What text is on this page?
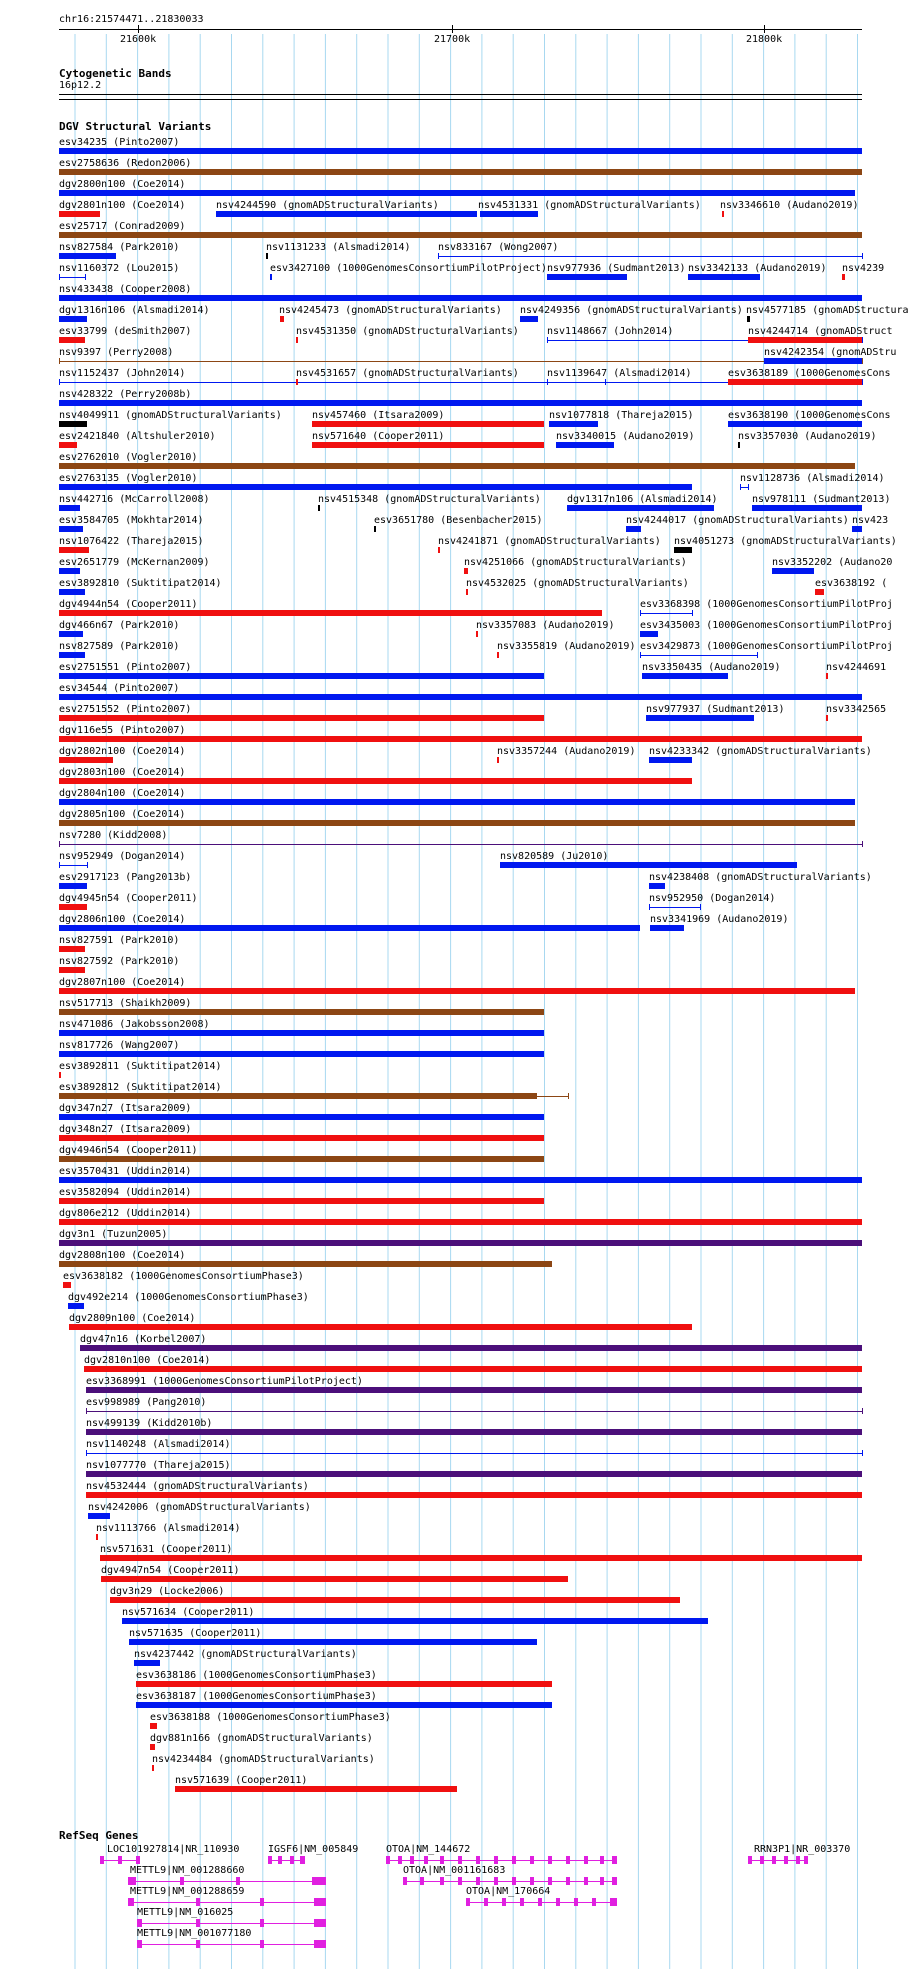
chr16:21574471..21830033
21600k	21700k	21800k
Cytogenetic Bands
16p12.2
DGV Structural Variants
esv34235 (Pinto2007)
esv2758636 (Redon2006)
dgv2800n100 (Coe2014)
dgv2801n100 (Coe2014)	nsv4244590 (gnomADStructuralVariants)	nsv4531331 (gnomADStructuralVariants) nsv3346610 (Audano2019)
esv25717 (Conrad2009)
nsv827584 (Park2010)	nsv1131233 (Alsmadi2014)	nsv833167 (Wong2007)
nsv1160372 (Lou2015)	esv3427100 (1000GenomesConsortiumPilotProject) nsv977936 (Sudmant2013) nsv3342133 (Audano2019) nsv4239
nsv433438 (Cooper2008)
dgv1316n106 (Alsmadi2014)	nsv4245473 (gnomADStructuralVariants) nsv4249356 (gnomADStructuralVariants) nsv4577185 (gnomADStructura
esv33799 (deSmith2007)	nsv4531350 (gnomADStructuralVariants)	nsv1148667 (John2014)	nsv4244714 (gnomADStruct
nsv9397 (Perry2008)	nsv4242354 (gnomADStru
nsv1152437 (John2014)	nsv4531657 (gnomADStructuralVariants)	nsv1139647 (Alsmadi2014)	esv3638189 (1000GenomesCons
nsv428322 (Perry2008b)
nsv4049911 (gnomADStructuralVariants)	nsv457460 (Itsara2009)	nsv1077818 (Thareja2015)	esv3638190 (1000GenomesCons
esv2421840 (Altshuler2010)	nsv571640 (Cooper2011)	nsv3340015 (Audano2019)	nsv3357030 (Audano2019)
esv2762010 (Vogler2010)
esv2763135 (Vogler2010)	nsv1128736 (Alsmadi2014)
nsv442716 (McCarroll2008)	nsv4515348 (gnomADStructuralVariants)	dgv1317n106 (Alsmadi2014)	nsv978111 (Sudmant2013)
esv3584705 (Mokhtar2014)	esv3651780 (Besenbacher2015)	nsv4244017 (gnomADStructuralVariants) nsv423
nsv1076422 (Thareja2015)	nsv4241871 (gnomADStructuralVariants) nsv4051273 (gnomADStructuralVariants)
esv2651779 (McKernan2009)	nsv4251066 (gnomADStructuralVariants)	nsv3352202 (Audano20
esv3892810 (Suktitipat2014)	nsv4532025 (gnomADStructuralVariants)	esv3638192 (
dgv4944n54 (Cooper2011)	esv3368398 (1000GenomesConsortiumPilotProj
dgv466n67 (Park2010)	nsv3357083 (Audano2019)	esv3435003 (1000GenomesConsortiumPilotProj
nsv827589 (Park2010)	nsv3355819 (Audano2019) esv3429873 (1000GenomesConsortiumPilotProj
esv2751551 (Pinto2007)	nsv3350435 (Audano2019)	nsv4244691
esv34544 (Pinto2007)
esv2751552 (Pinto2007)	nsv977937 (Sudmant2013)	nsv3342565
dgv116e55 (Pinto2007)
dgv2802n100 (Coe2014)	nsv3357244 (Audano2019) nsv4233342 (gnomADStructuralVariants)
dgv2803n100 (Coe2014)
dgv2804n100 (Coe2014)
dgv2805n100 (Coe2014)
nsv7280 (Kidd2008)
nsv952949 (Dogan2014)	nsv820589 (Ju2010)
esv2917123 (Pang2013b)	nsv4238408 (gnomADStructuralVariants)
dgv4945n54 (Cooper2011)	nsv952950 (Dogan2014)
dgv2806n100 (Coe2014)	nsv3341969 (Audano2019)
nsv827591 (Park2010)
nsv827592 (Park2010)
dgv2807n100 (Coe2014)
nsv517713 (Shaikh2009)
nsv471086 (Jakobsson2008)
nsv817726 (Wang2007)
esv3892811 (Suktitipat2014)
esv3892812 (Suktitipat2014)
dgv347n27 (Itsara2009)
dgv348n27 (Itsara2009)
dgv4946n54 (Cooper2011)
esv3570431 (Uddin2014)
esv3582094 (Uddin2014)
dgv806e212 (Uddin2014)
dgv3n1 (Tuzun2005)
dgv2808n100 (Coe2014)
esv3638182 (1000GenomesConsortiumPhase3)
dgv492e214 (1000GenomesConsortiumPhase3)
dgv2809n100 (Coe2014)
dgv47n16 (Korbel2007)
dgv2810n100 (Coe2014)
esv3368991 (1000GenomesConsortiumPilotProject)
esv998989 (Pang2010)
nsv499139 (Kidd2010b)
nsv1140248 (Alsmadi2014)
nsv1077770 (Thareja2015)
nsv4532444 (gnomADStructuralVariants)
nsv4242006 (gnomADStructuralVariants)
nsv1113766 (Alsmadi2014)
nsv571631 (Cooper2011)
dgv4947n54 (Cooper2011)
dgv3n29 (Locke2006)
nsv571634 (Cooper2011)
nsv571635 (Cooper2011)
nsv4237442 (gnomADStructuralVariants)
esv3638186 (1000GenomesConsortiumPhase3)
esv3638187 (1000GenomesConsortiumPhase3)
esv3638188 (1000GenomesConsortiumPhase3)
dgv881n166 (gnomADStructuralVariants)
nsv4234484 (gnomADStructuralVariants)
nsv571639 (Cooper2011)
RefSeq Genes
LOC101927814|NR_110930	IGSF6|NM_005849	OTOA|NM_144672	RRN3P1|NR_003370
METTL9|NM_001288660	OTOA|NM_001161683
METTL9|NM_001288659	OTOA|NM_170664
METTL9|NM_016025
METTL9|NM_001077180
